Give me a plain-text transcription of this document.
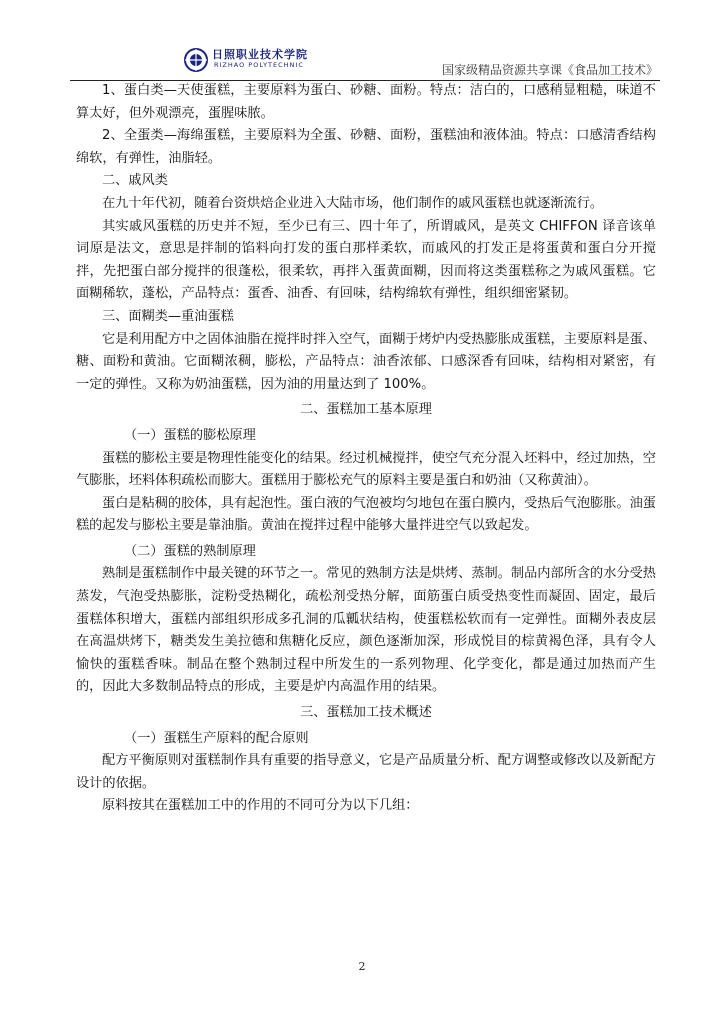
日照职业技术学院
RIZHAO POLYTECHNIC	国家级精品资源共享课《食品加工技术》

1、蛋白类—天使蛋糕，主要原料为蛋白、砂糖、面粉。特点：洁白的，口感稍显粗糙，味道不算太好，但外观漂亮，蛋腥味脓。

2、全蛋类—海绵蛋糕，主要原料为全蛋、砂糖、面粉，蛋糕油和液体油。特点：口感清香结构绵软，有弹性，油脂轻。

二、戚风类

在九十年代初，随着台资烘焙企业进入大陆市场，他们制作的戚风蛋糕也就逐渐流行。

其实戚风蛋糕的历史并不短，至少已有三、四十年了，所谓戚风，是英文 CHIFFON 译音该单词原是法文，意思是拌制的馅料向打发的蛋白那样柔软，而戚风的打发正是将蛋黄和蛋白分开搅拌，先把蛋白部分搅拌的很蓬松，很柔软，再拌入蛋黄面糊，因而将这类蛋糕称之为戚风蛋糕。它面糊稀软，蓬松，产品特点：蛋香、油香、有回味，结构绵软有弹性，组织细密紧韧。

三、面糊类—重油蛋糕

它是利用配方中之固体油脂在搅拌时拌入空气，面糊于烤炉内受热膨胀成蛋糕，主要原料是蛋、糖、面粉和黄油。它面糊浓稠，膨松，产品特点：油香浓郁、口感深香有回味，结构相对紧密，有一定的弹性。又称为奶油蛋糕，因为油的用量达到了 100%。

二、蛋糕加工基本原理

（一）蛋糕的膨松原理

蛋糕的膨松主要是物理性能变化的结果。经过机械搅拌，使空气充分混入坯料中，经过加热，空气膨胀，坯料体积疏松而膨大。蛋糕用于膨松充气的原料主要是蛋白和奶油（又称黄油）。

蛋白是粘稠的胶体，具有起泡性。蛋白液的气泡被均匀地包在蛋白膜内，受热后气泡膨胀。油蛋糕的起发与膨松主要是靠油脂。黄油在搅拌过程中能够大量拌进空气以致起发。

（二）蛋糕的熟制原理

熟制是蛋糕制作中最关键的环节之一。常见的熟制方法是烘烤、蒸制。制品内部所含的水分受热蒸发，气泡受热膨胀，淀粉受热糊化，疏松剂受热分解，面筋蛋白质受热变性而凝固、固定，最后蛋糕体积增大，蛋糕内部组织形成多孔洞的瓜瓤状结构，使蛋糕松软而有一定弹性。面糊外表皮层在高温烘烤下，糖类发生美拉德和焦糖化反应，颜色逐渐加深，形成悦目的棕黄褐色泽，具有令人愉快的蛋糕香味。制品在整个熟制过程中所发生的一系列物理、化学变化，都是通过加热而产生的，因此大多数制品特点的形成，主要是炉内高温作用的结果。

三、蛋糕加工技术概述

（一）蛋糕生产原料的配合原则

配方平衡原则对蛋糕制作具有重要的指导意义，它是产品质量分析、配方调整或修改以及新配方设计的依据。

原料按其在蛋糕加工中的作用的不同可分为以下几组：

2
